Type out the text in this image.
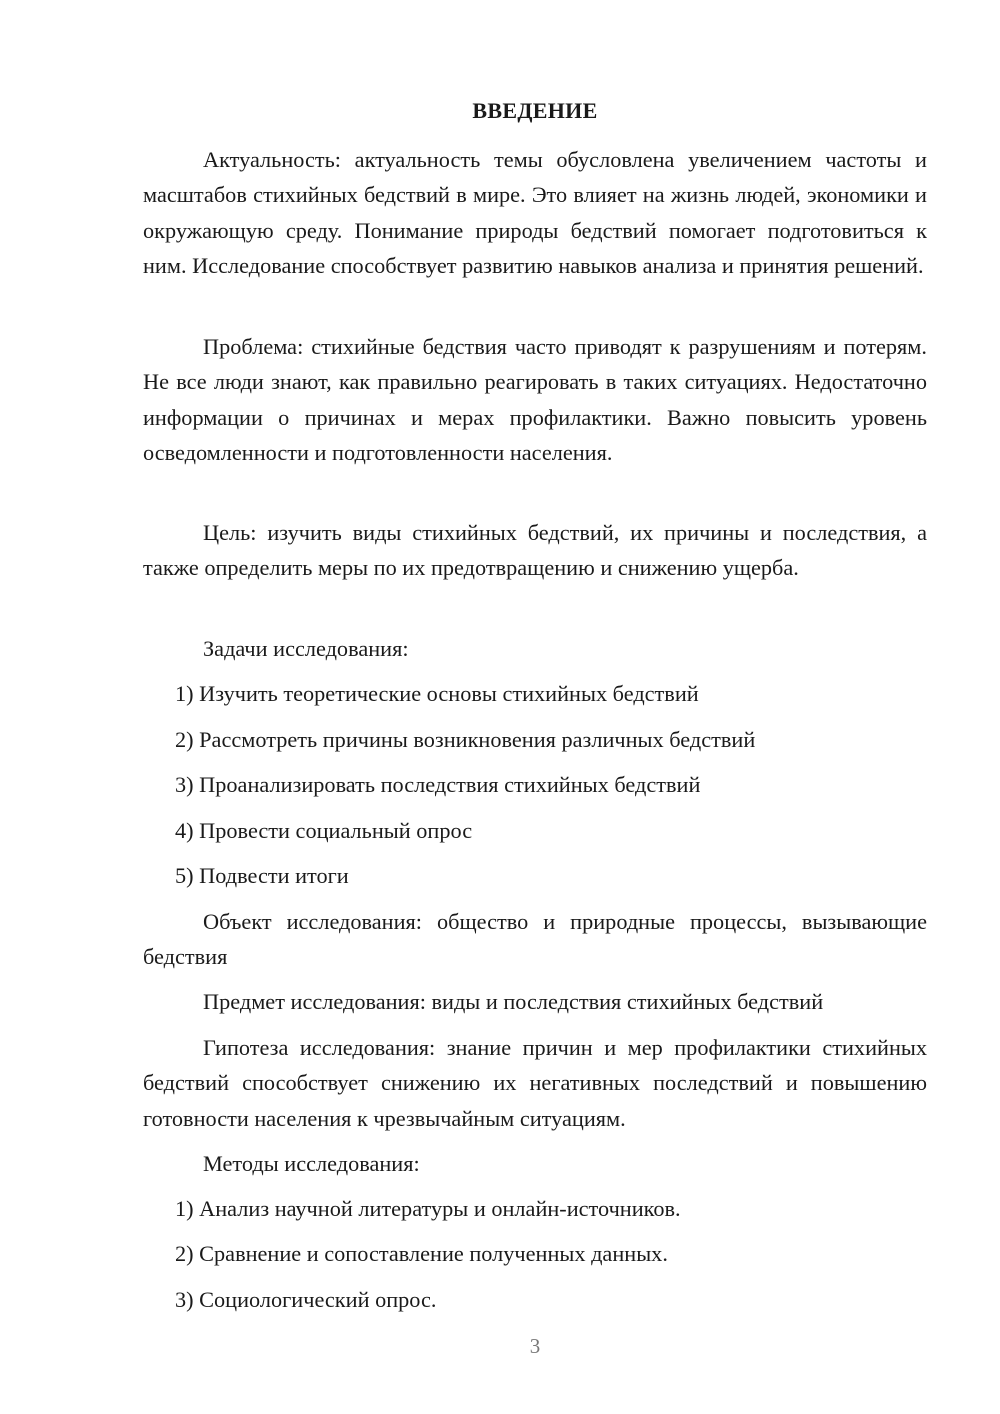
ВВЕДЕНИЕ

Актуальность: актуальность темы обусловлена увеличением частоты и масштабов стихийных бедствий в мире. Это влияет на жизнь людей, экономики и окружающую среду. Понимание природы бедствий помогает подготовиться к ним. Исследование способствует развитию навыков анализа и принятия решений.

Проблема: стихийные бедствия часто приводят к разрушениям и потерям. Не все люди знают, как правильно реагировать в таких ситуациях. Недостаточно информации о причинах и мерах профилактики. Важно повысить уровень осведомленности и подготовленности населения.

Цель: изучить виды стихийных бедствий, их причины и последствия, а также определить меры по их предотвращению и снижению ущерба.

Задачи исследования:

1) Изучить теоретические основы стихийных бедствий

2) Рассмотреть причины возникновения различных бедствий

3) Проанализировать последствия стихийных бедствий

4) Провести социальный опрос

5) Подвести итоги

Объект исследования: общество и природные процессы, вызывающие бедствия

Предмет исследования: виды и последствия стихийных бедствий

Гипотеза исследования: знание причин и мер профилактики стихийных бедствий способствует снижению их негативных последствий и повышению готовности населения к чрезвычайным ситуациям.

Методы исследования:

1) Анализ научной литературы и онлайн-источников.

2) Сравнение и сопоставление полученных данных.

3) Социологический опрос.

3
